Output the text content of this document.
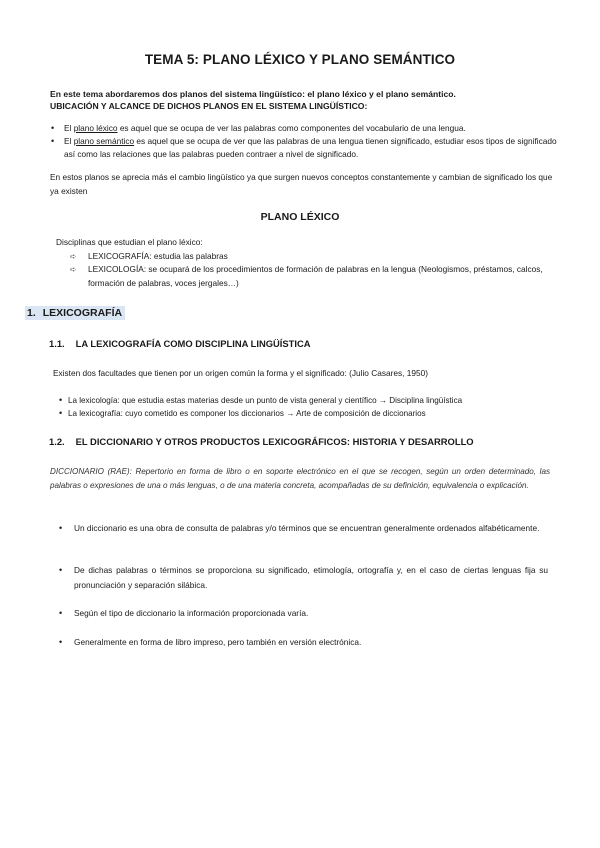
TEMA 5: PLANO LÉXICO Y PLANO SEMÁNTICO
En este tema abordaremos dos planos del sistema lingüístico: el plano léxico y el plano semántico.
UBICACIÓN Y ALCANCE DE DICHOS PLANOS EN EL SISTEMA LINGÜÍSTICO:
• El plano léxico es aquel que se ocupa de ver las palabras como componentes del vocabulario de una lengua.
• El plano semántico es aquel que se ocupa de ver que las palabras de una lengua tienen significado, estudiar esos tipos de significado así como las relaciones que las palabras pueden contraer a nivel de significado.
En estos planos se aprecia más el cambio lingüístico ya que surgen nuevos conceptos constantemente y cambian de significado los que ya existen
PLANO LÉXICO
Disciplinas que estudian el plano léxico:
➪ LEXICOGRAFÍA: estudia las palabras
➪ LEXICOLOGÍA: se ocupará de los procedimientos de formación de palabras en la lengua (Neologismos, préstamos, calcos, formación de palabras, voces jergales…)
1. LEXICOGRAFÍA
1.1. LA LEXICOGRAFÍA COMO DISCIPLINA LINGÜÍSTICA
Existen dos facultades que tienen por un origen común la forma y el significado: (Julio Casares, 1950)
• La lexicología: que estudia estas materias desde un punto de vista general y científico → Disciplina lingüística
• La lexicografía: cuyo cometido es componer los diccionarios → Arte de composición de diccionarios
1.2. EL DICCIONARIO Y OTROS PRODUCTOS LEXICOGRÁFICOS: HISTORIA Y DESARROLLO
DICCIONARIO (RAE): Repertorio en forma de libro o en soporte electrónico en el que se recogen, según un orden determinado, las palabras o expresiones de una o más lenguas, o de una materia concreta, acompañadas de su definición, equivalencia o explicación.
• Un diccionario es una obra de consulta de palabras y/o términos que se encuentran generalmente ordenados alfabéticamente.
• De dichas palabras o términos se proporciona su significado, etimología, ortografía y, en el caso de ciertas lenguas fija su pronunciación y separación silábica.
• Según el tipo de diccionario la información proporcionada varía.
• Generalmente en forma de libro impreso, pero también en versión electrónica.
